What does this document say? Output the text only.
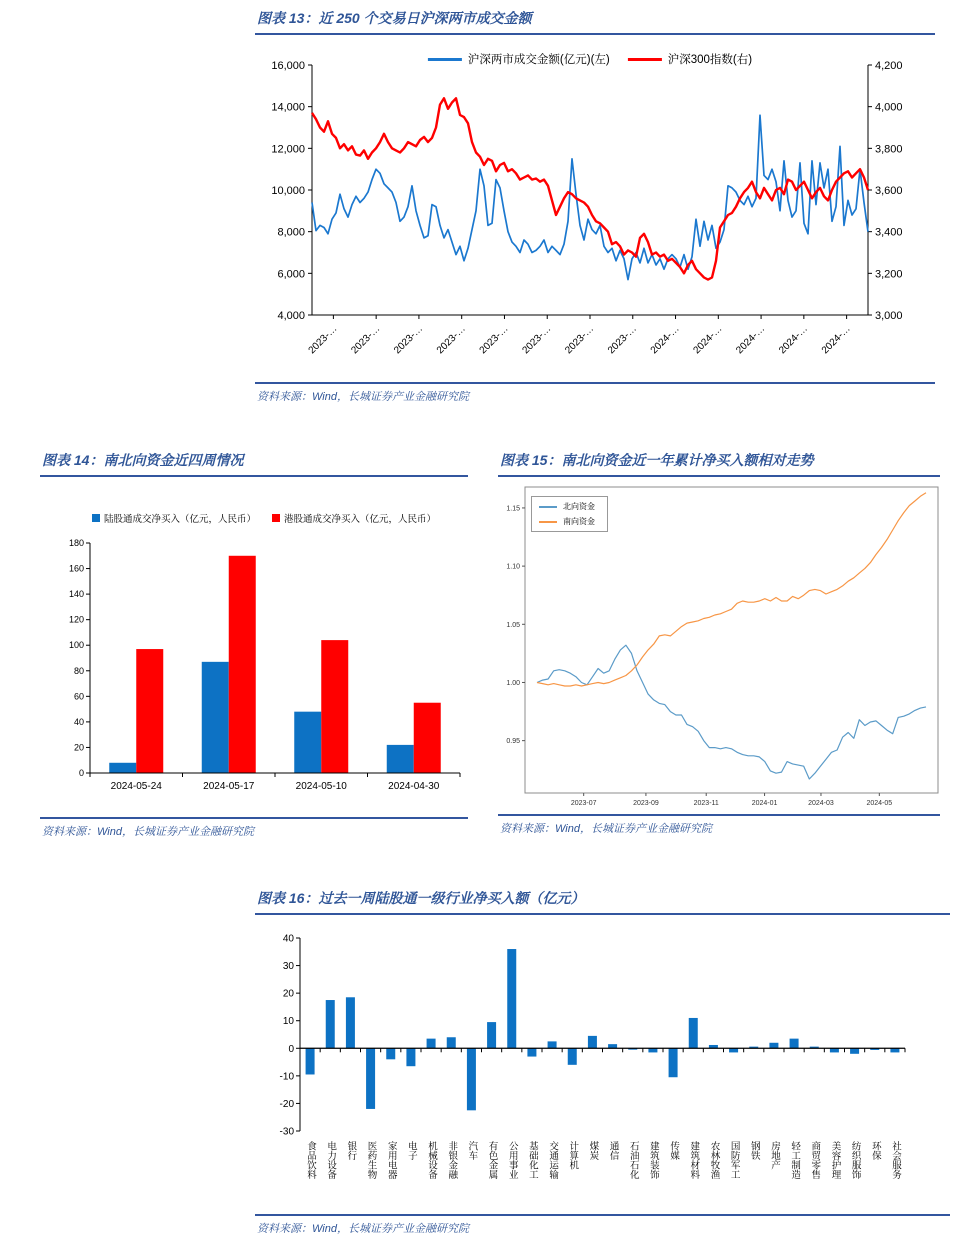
图表 13：近 250 个交易日沪深两市成交金额
沪深两市成交金额(亿元)(左)	沪深300指数(右)
4,000
6,000
8,000
10,000
12,000
14,000
16,000
3,000
3,200
3,400
3,600
3,800
4,000
4,200
2023-… 2023-… 2023-… 2023-… 2023-… 2023-… 2023-… 2023-… 2024-… 2024-… 2024-… 2024-… 2024-…
资料来源：Wind，长城证券产业金融研究院
图表 14：南北向资金近四周情况
陆股通成交净买入（亿元，人民币）	港股通成交净买入（亿元，人民币）
0
20
40
60
80
100
120
140
160
180
2024-05-24	2024-05-17	2024-05-10	2024-04-30
资料来源：Wind，长城证券产业金融研究院
图表 15：南北向资金近一年累计净买入额相对走势
北向资金
南向资金
0.95
1.00
1.05
1.10
1.15
2023-07	2023-09	2023-11	2024-01	2024-03	2024-05
资料来源：Wind，长城证券产业金融研究院
图表 16：过去一周陆股通一级行业净买入额（亿元）
-30
-20
-10
0
10
20
30
40
食品饮料 电力设备 银行 医药生物 家用电器 电子 机械设备 非银金融 汽车 有色金属 公用事业 基础化工 交通运输 计算机 煤炭 通信 石油石化 建筑装饰 传媒 建筑材料 农林牧渔 国防军工 钢铁 房地产 轻工制造 商贸零售 美容护理 纺织服饰 环保 社会服务
资料来源：Wind，长城证券产业金融研究院
